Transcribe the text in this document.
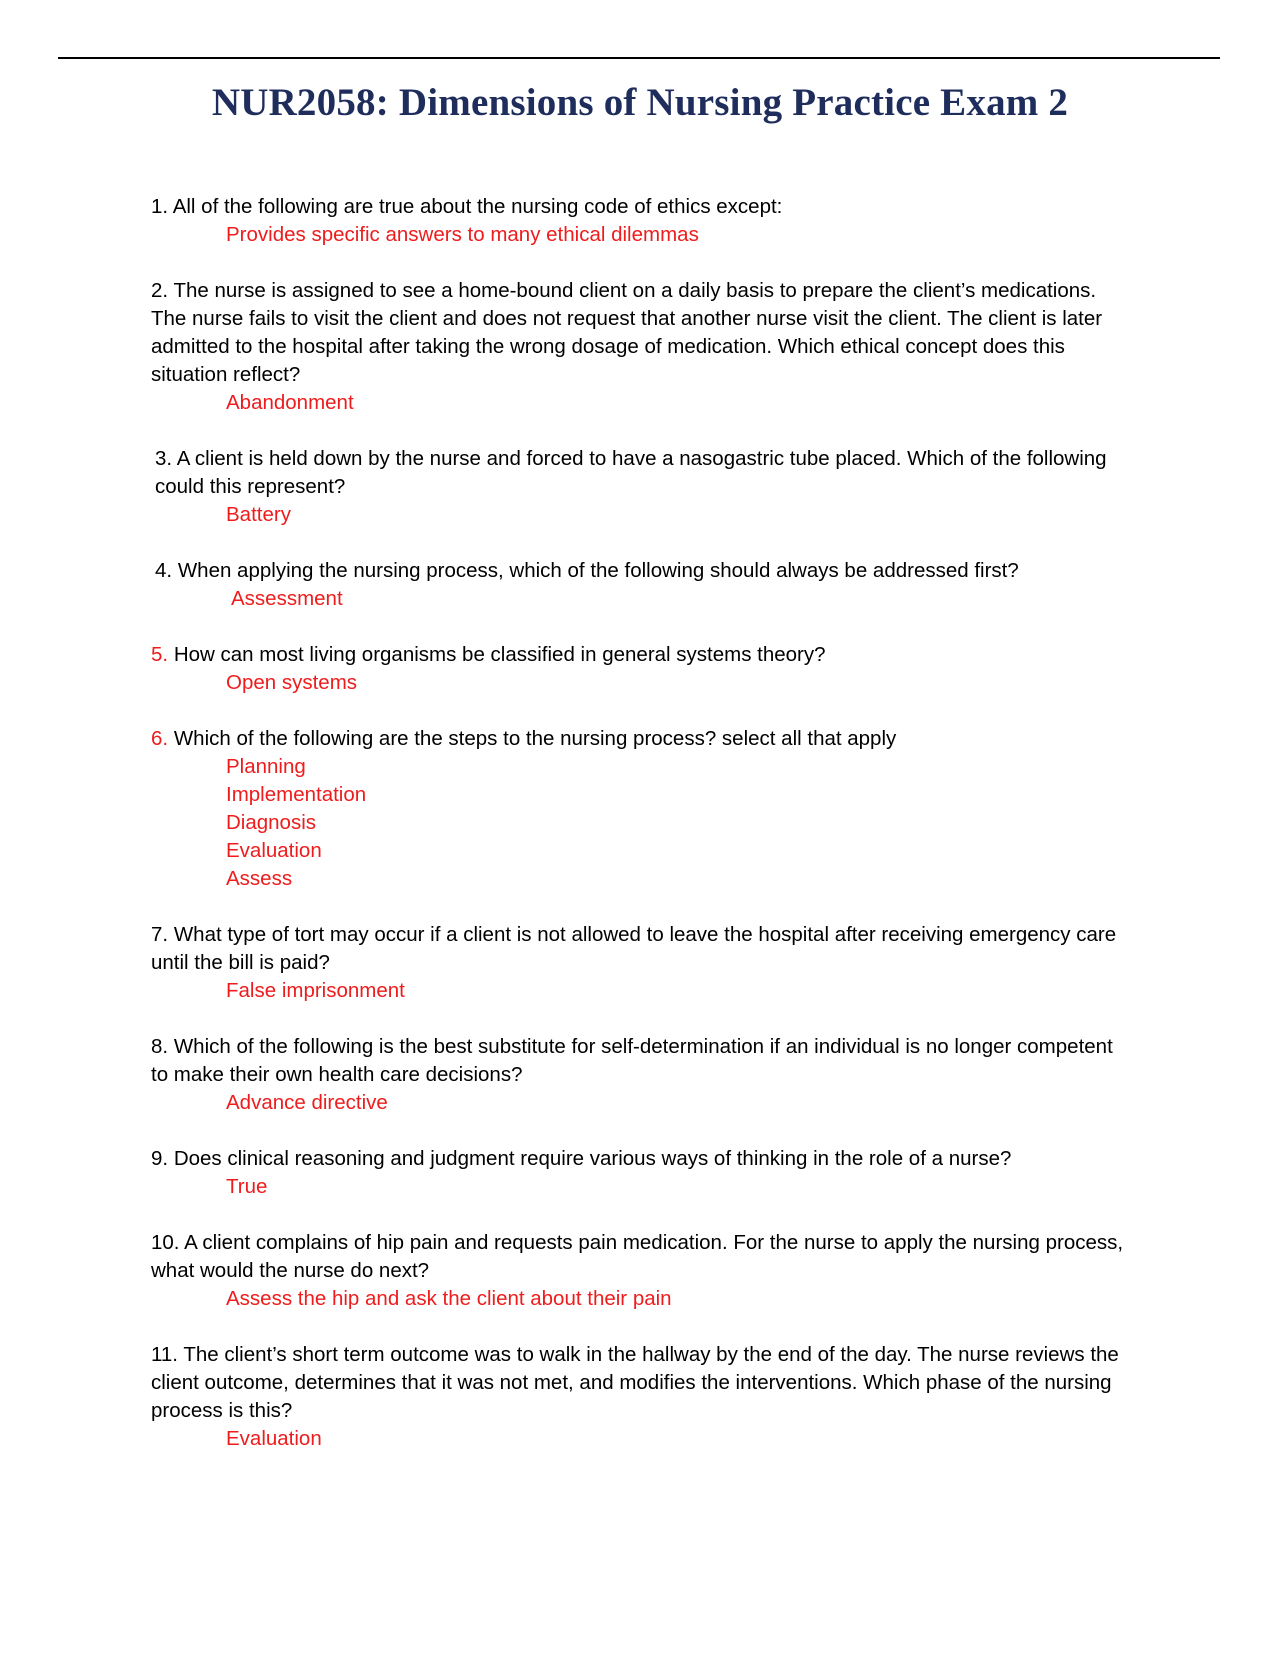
NUR2058: Dimensions of Nursing Practice Exam 2

1. All of the following are true about the nursing code of ethics except:

Provides specific answers to many ethical dilemmas

2. The nurse is assigned to see a home-bound client on a daily basis to prepare the client’s medications. The nurse fails to visit the client and does not request that another nurse visit the client. The client is later admitted to the hospital after taking the wrong dosage of medication. Which ethical concept does this situation reflect?

Abandonment

3. A client is held down by the nurse and forced to have a nasogastric tube placed. Which of the following could this represent?

Battery

4. When applying the nursing process, which of the following should always be addressed first?

Assessment

5. How can most living organisms be classified in general systems theory?

Open systems

6. Which of the following are the steps to the nursing process? select all that apply

Planning

Implementation

Diagnosis

Evaluation

Assess

7. What type of tort may occur if a client is not allowed to leave the hospital after receiving emergency care until the bill is paid?

False imprisonment

8. Which of the following is the best substitute for self-determination if an individual is no longer competent to make their own health care decisions?

Advance directive

9. Does clinical reasoning and judgment require various ways of thinking in the role of a nurse?

True

10. A client complains of hip pain and requests pain medication. For the nurse to apply the nursing process, what would the nurse do next?

Assess the hip and ask the client about their pain

11. The client’s short term outcome was to walk in the hallway by the end of the day. The nurse reviews the client outcome, determines that it was not met, and modifies the interventions. Which phase of the nursing process is this?

Evaluation
